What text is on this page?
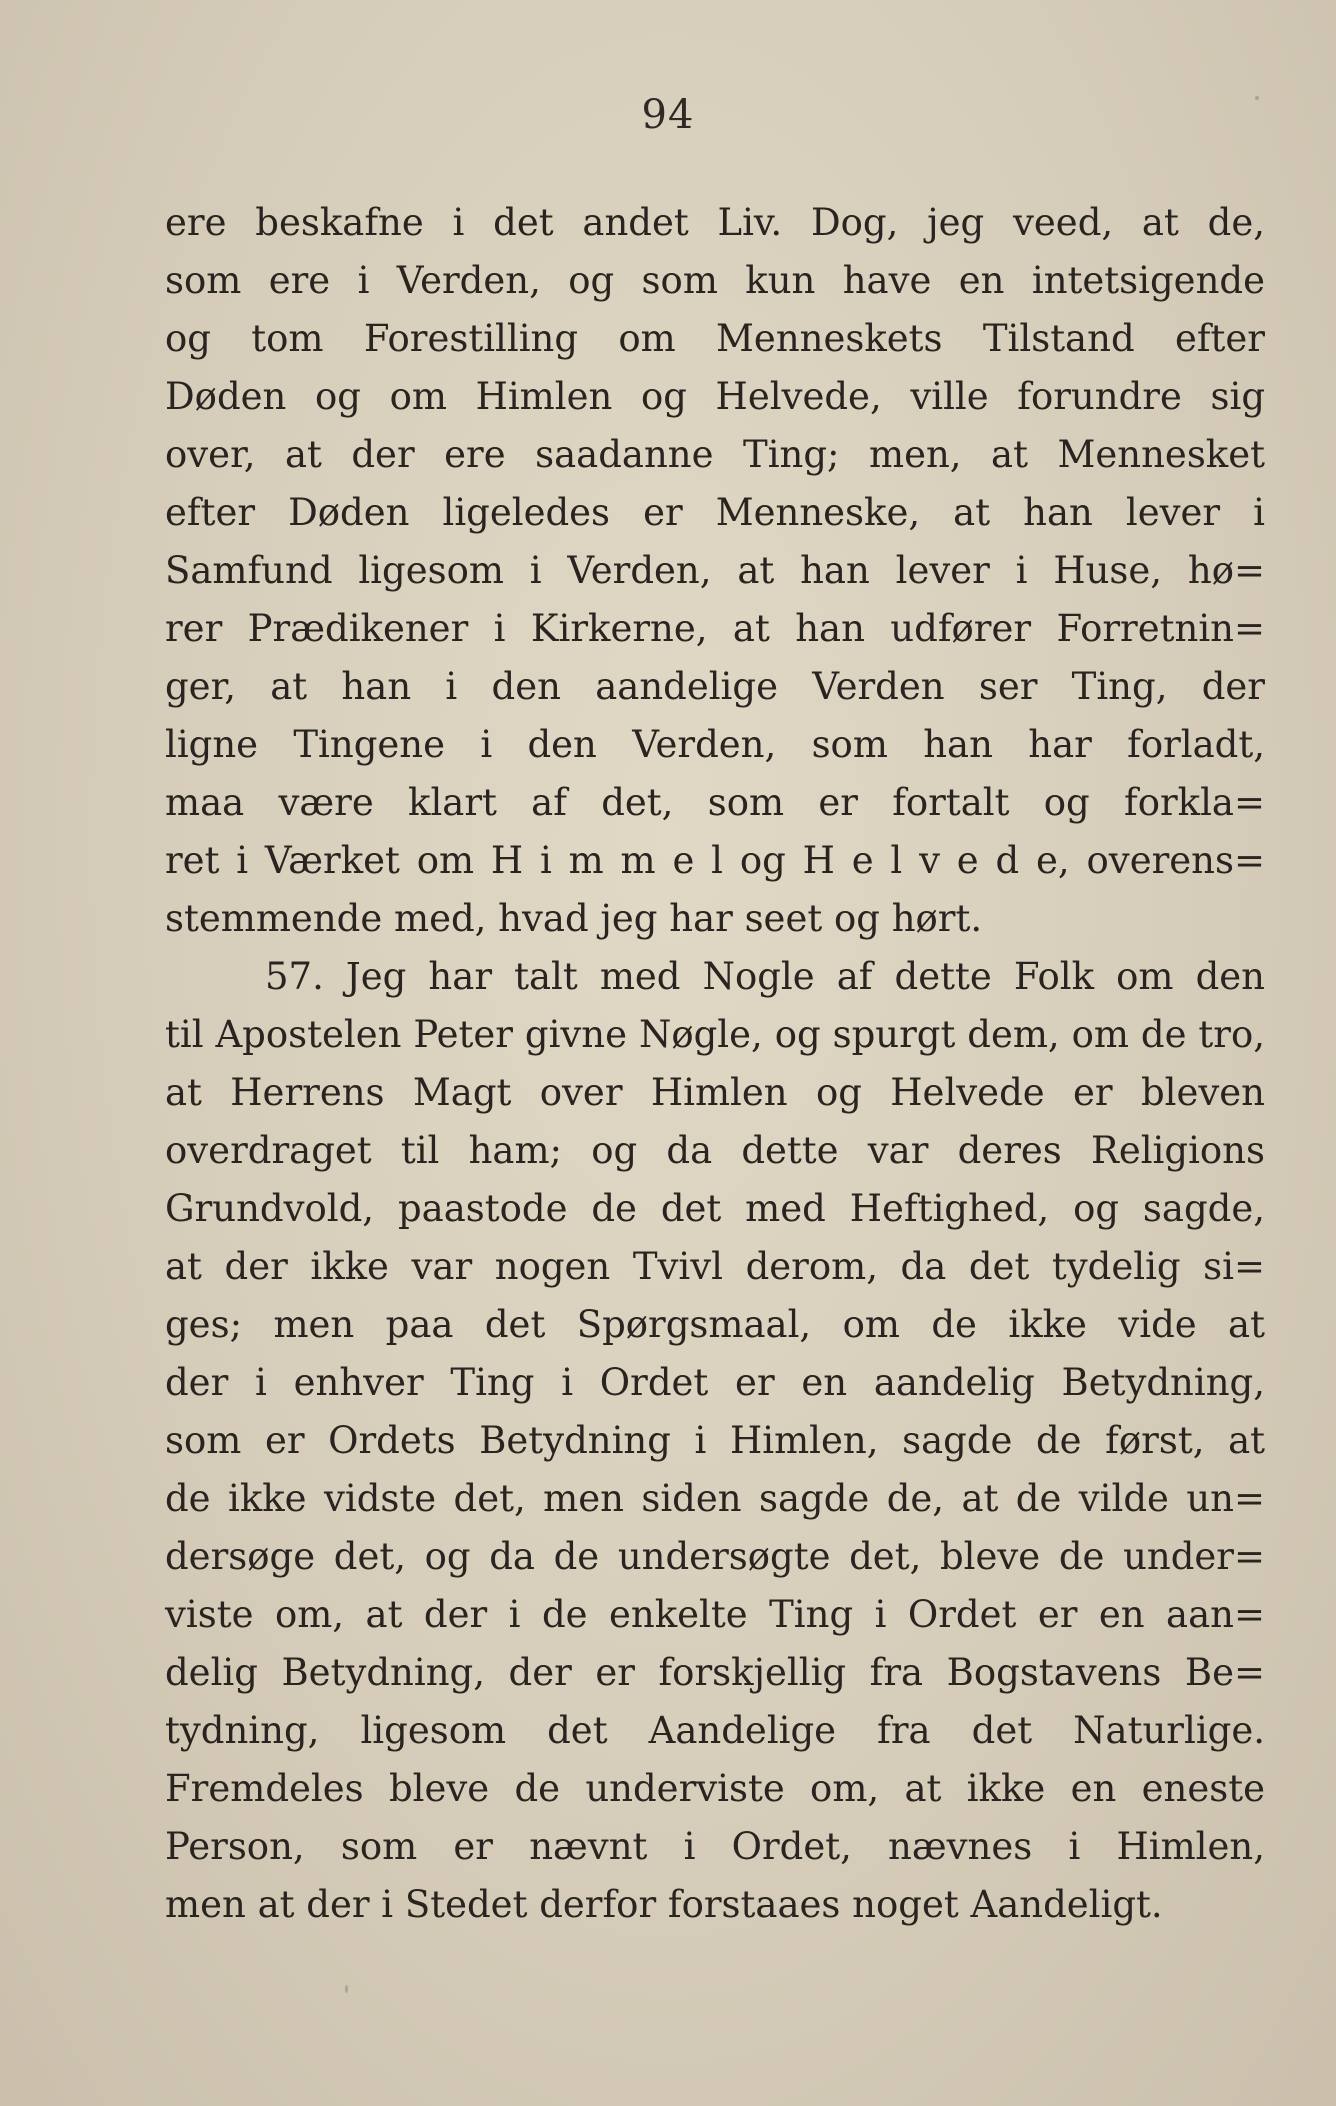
94
ere beskafne i det andet Liv. Dog, jeg veed, at de,
som ere i Verden, og som kun have en intetsigende
og tom Forestilling om Menneskets Tilstand efter
Døden og om Himlen og Helvede, ville forundre sig
over, at der ere saadanne Ting; men, at Mennesket
efter Døden ligeledes er Menneske, at han lever i
Samfund ligesom i Verden, at han lever i Huse, hø=
rer Prædikener i Kirkerne, at han udfører Forretnin=
ger, at han i den aandelige Verden ser Ting, der
ligne Tingene i den Verden, som han har forladt,
maa være klart af det, som er fortalt og forkla=
ret i Værket om H i m m e l og H e l v e d e, overens=
stemmende med, hvad jeg har seet og hørt.
57. Jeg har talt med Nogle af dette Folk om den
til Apostelen Peter givne Nøgle, og spurgt dem, om de tro,
at Herrens Magt over Himlen og Helvede er bleven
overdraget til ham; og da dette var deres Religions
Grundvold, paastode de det med Heftighed, og sagde,
at der ikke var nogen Tvivl derom, da det tydelig si=
ges; men paa det Spørgsmaal, om de ikke vide at
der i enhver Ting i Ordet er en aandelig Betydning,
som er Ordets Betydning i Himlen, sagde de først, at
de ikke vidste det, men siden sagde de, at de vilde un=
dersøge det, og da de undersøgte det, bleve de under=
viste om, at der i de enkelte Ting i Ordet er en aan=
delig Betydning, der er forskjellig fra Bogstavens Be=
tydning, ligesom det Aandelige fra det Naturlige.
Fremdeles bleve de underviste om, at ikke en eneste
Person, som er nævnt i Ordet, nævnes i Himlen,
men at der i Stedet derfor forstaaes noget Aandeligt.
